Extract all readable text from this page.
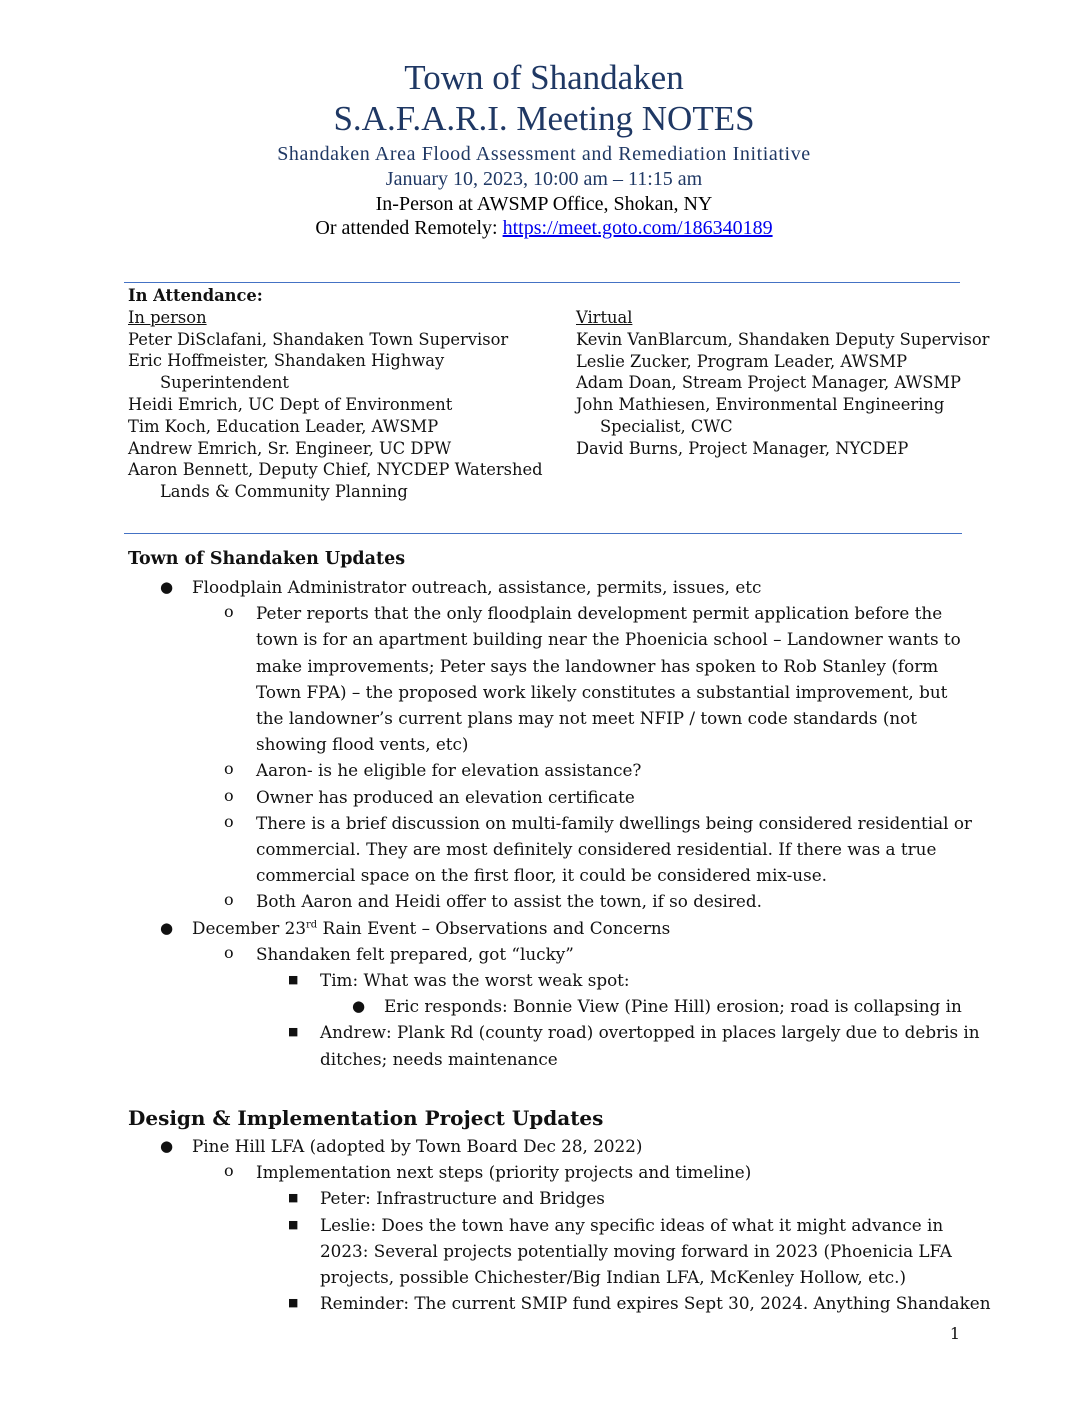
Town of Shandaken
S.A.F.A.R.I. Meeting NOTES
Shandaken Area Flood Assessment and Remediation Initiative
January 10, 2023, 10:00 am – 11:15 am
In-Person at AWSMP Office, Shokan, NY
Or attended Remotely: https://meet.goto.com/186340189
In Attendance:
In person
Peter DiSclafani, Shandaken Town Supervisor
Eric Hoffmeister, Shandaken Highway
Superintendent
Heidi Emrich, UC Dept of Environment
Tim Koch, Education Leader, AWSMP
Andrew Emrich, Sr. Engineer, UC DPW
Aaron Bennett, Deputy Chief, NYCDEP Watershed
Lands & Community Planning
Virtual
Kevin VanBlarcum, Shandaken Deputy Supervisor
Leslie Zucker, Program Leader, AWSMP
Adam Doan, Stream Project Manager, AWSMP
John Mathiesen, Environmental Engineering
Specialist, CWC
David Burns, Project Manager, NYCDEP
Town of Shandaken Updates
● Floodplain Administrator outreach, assistance, permits, issues, etc
o Peter reports that the only floodplain development permit application before the town is for an apartment building near the Phoenicia school – Landowner wants to make improvements; Peter says the landowner has spoken to Rob Stanley (form Town FPA) – the proposed work likely constitutes a substantial improvement, but the landowner’s current plans may not meet NFIP / town code standards (not showing flood vents, etc)
o Aaron- is he eligible for elevation assistance?
o Owner has produced an elevation certificate
o There is a brief discussion on multi-family dwellings being considered residential or commercial. They are most definitely considered residential. If there was a true commercial space on the first floor, it could be considered mix-use.
o Both Aaron and Heidi offer to assist the town, if so desired.
● December 23rd Rain Event – Observations and Concerns
o Shandaken felt prepared, got “lucky”
■ Tim: What was the worst weak spot:
● Eric responds: Bonnie View (Pine Hill) erosion; road is collapsing in
■ Andrew: Plank Rd (county road) overtopped in places largely due to debris in ditches; needs maintenance
Design & Implementation Project Updates
● Pine Hill LFA (adopted by Town Board Dec 28, 2022)
o Implementation next steps (priority projects and timeline)
■ Peter: Infrastructure and Bridges
■ Leslie: Does the town have any specific ideas of what it might advance in 2023: Several projects potentially moving forward in 2023 (Phoenicia LFA projects, possible Chichester/Big Indian LFA, McKenley Hollow, etc.)
■ Reminder: The current SMIP fund expires Sept 30, 2024. Anything Shandaken
1
